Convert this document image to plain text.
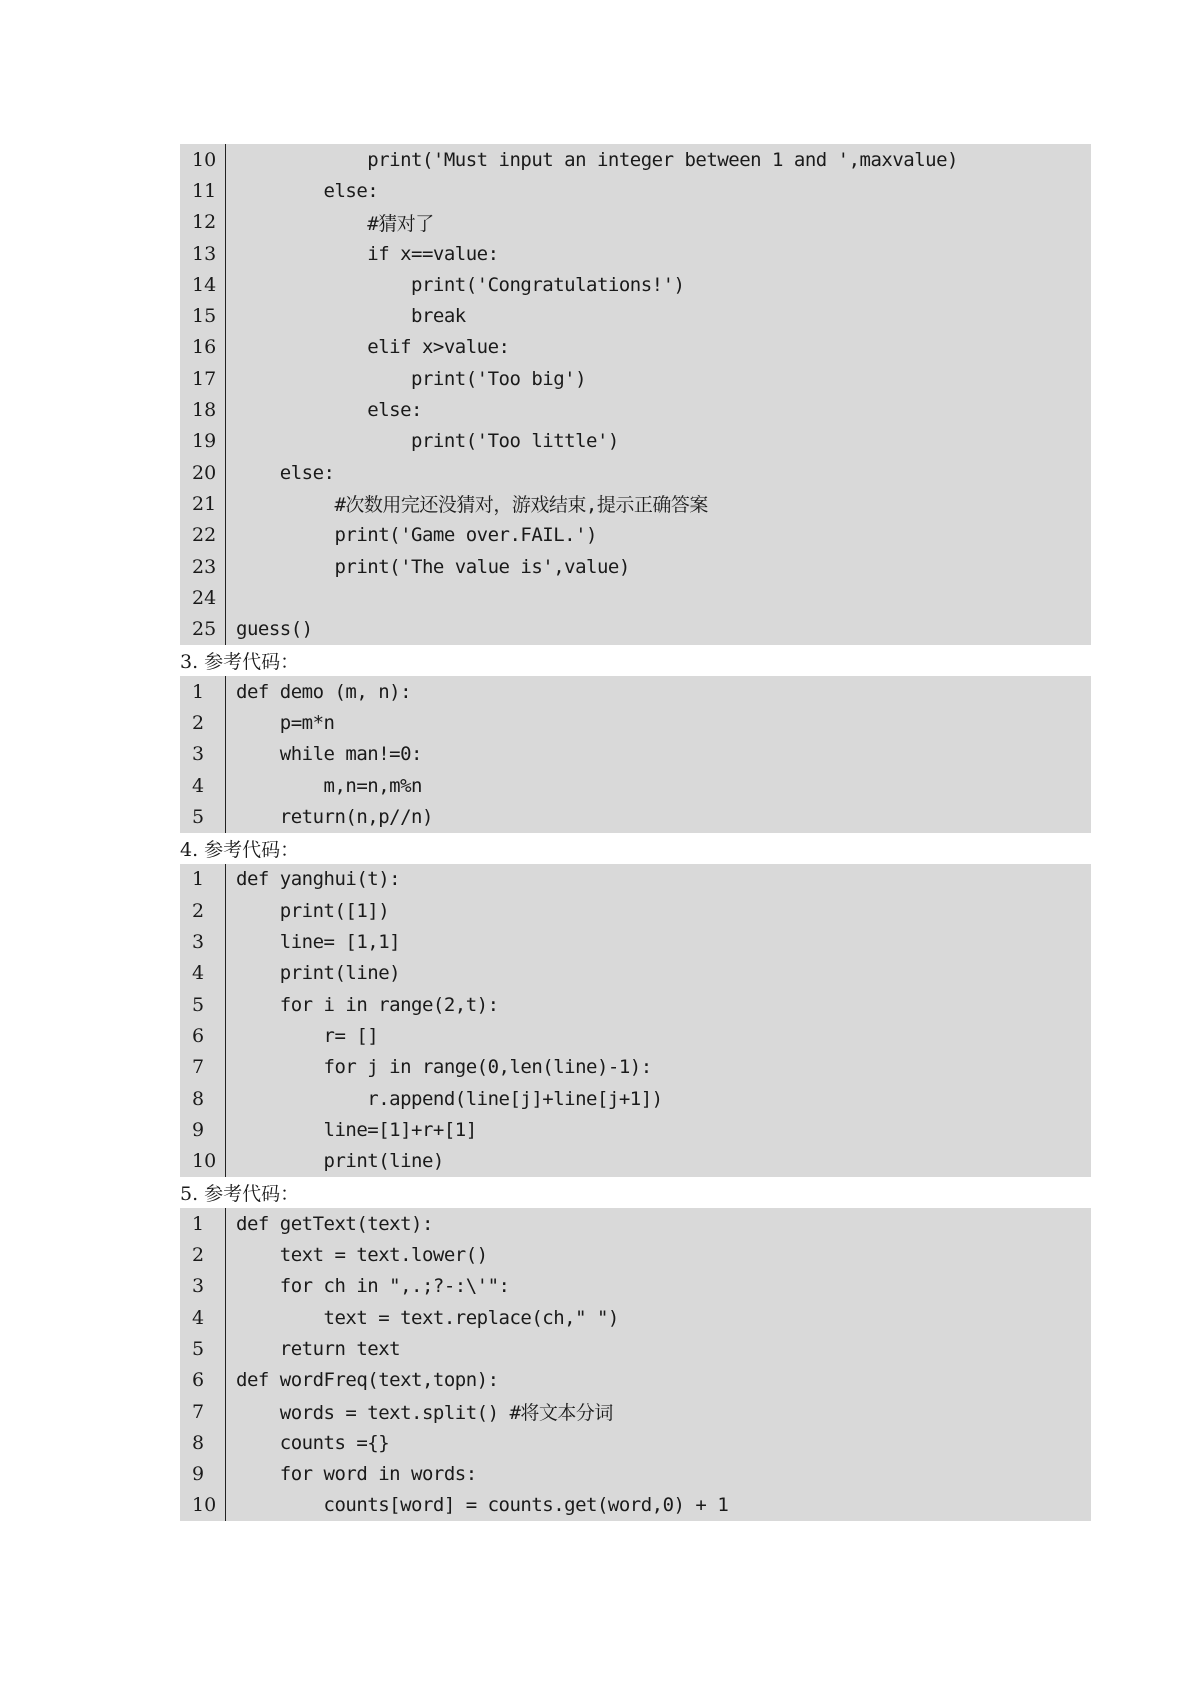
10	print('Must input an integer between 1 and ',maxvalue)
11	else:
12	#猜对了
13	if x==value:
14	print('Congratulations!')
15	break
16	elif x>value:
17	print('Too big')
18	else:
19	print('Too little')
20	else:
21	#次数用完还没猜对，游戏结束,提示正确答案
22	print('Game over.FAIL.')
23	print('The value is',value)
24
25	guess()
3. 参考代码：
1	def demo (m, n):
2	p=m*n
3	while man!=0:
4	m,n=n,m%n
5	return(n,p//n)
4. 参考代码：
1	def yanghui(t):
2	print([1])
3	line= [1,1]
4	print(line)
5	for i in range(2,t):
6	r= []
7	for j in range(0,len(line)-1):
8	r.append(line[j]+line[j+1])
9	line=[1]+r+[1]
10	print(line)
5. 参考代码：
1	def getText(text):
2	text = text.lower()
3	for ch in ",.;?-:\'":
4	text = text.replace(ch," ")
5	return text
6	def wordFreq(text,topn):
7	words = text.split() #将文本分词
8	counts ={}
9	for word in words:
10	counts[word] = counts.get(word,0) + 1
